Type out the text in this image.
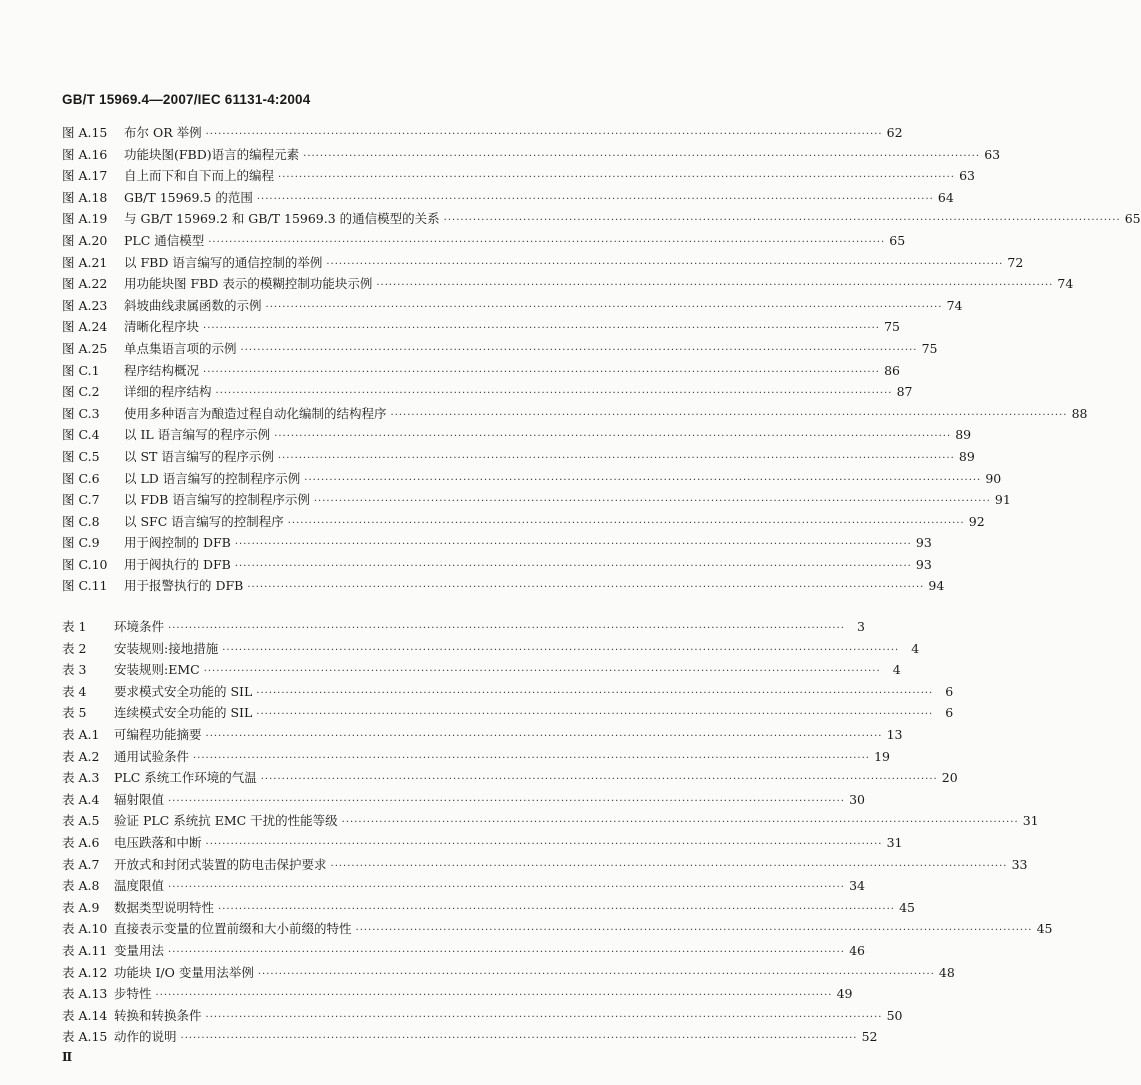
GB/T 15969.4—2007/IEC 61131-4:2004
图 A.15	布尔 OR 举例 ·····	62
图 A.16	功能块图(FBD)语言的编程元素 ·····	63
图 A.17	自上而下和自下而上的编程 ·····	63
图 A.18	GB/T 15969.5 的范围 ·····	64
图 A.19	与 GB/T 15969.2 和 GB/T 15969.3 的通信模型的关系 ·····	65
图 A.20	PLC 通信模型 ·····	65
图 A.21	以 FBD 语言编写的通信控制的举例 ·····	72
图 A.22	用功能块图 FBD 表示的模糊控制功能块示例 ·····	74
图 A.23	斜坡曲线隶属函数的示例 ·····	74
图 A.24	清晰化程序块 ·····	75
图 A.25	单点集语言项的示例 ·····	75
图 C.1	程序结构概况 ·····	86
图 C.2	详细的程序结构 ·····	87
图 C.3	使用多种语言为酿造过程自动化编制的结构程序 ·····	88
图 C.4	以 IL 语言编写的程序示例 ·····	89
图 C.5	以 ST 语言编写的程序示例 ·····	89
图 C.6	以 LD 语言编写的控制程序示例 ·····	90
图 C.7	以 FDB 语言编写的控制程序示例 ·····	91
图 C.8	以 SFC 语言编写的控制程序 ·····	92
图 C.9	用于阀控制的 DFB ·····	93
图 C.10	用于阀执行的 DFB ·····	93
图 C.11	用于报警执行的 DFB ·····	94
表 1	环境条件 ·····	3
表 2	安装规则:接地措施 ·····	4
表 3	安装规则:EMC ·····	4
表 4	要求模式安全功能的 SIL ·····	6
表 5	连续模式安全功能的 SIL ·····	6
表 A.1	可编程功能摘要 ·····	13
表 A.2	通用试验条件 ·····	19
表 A.3	PLC 系统工作环境的气温 ·····	20
表 A.4	辐射限值 ·····	30
表 A.5	验证 PLC 系统抗 EMC 干扰的性能等级 ·····	31
表 A.6	电压跌落和中断 ·····	31
表 A.7	开放式和封闭式装置的防电击保护要求 ·····	33
表 A.8	温度限值 ·····	34
表 A.9	数据类型说明特性 ·····	45
表 A.10 直接表示变量的位置前缀和大小前缀的特性 ·····	45
表 A.11 变量用法 ·····	46
表 A.12 功能块 I/O 变量用法举例 ·····	48
表 A.13 步特性 ·····	49
表 A.14 转换和转换条件 ·····	50
表 A.15 动作的说明 ·····	52
Ⅱ
